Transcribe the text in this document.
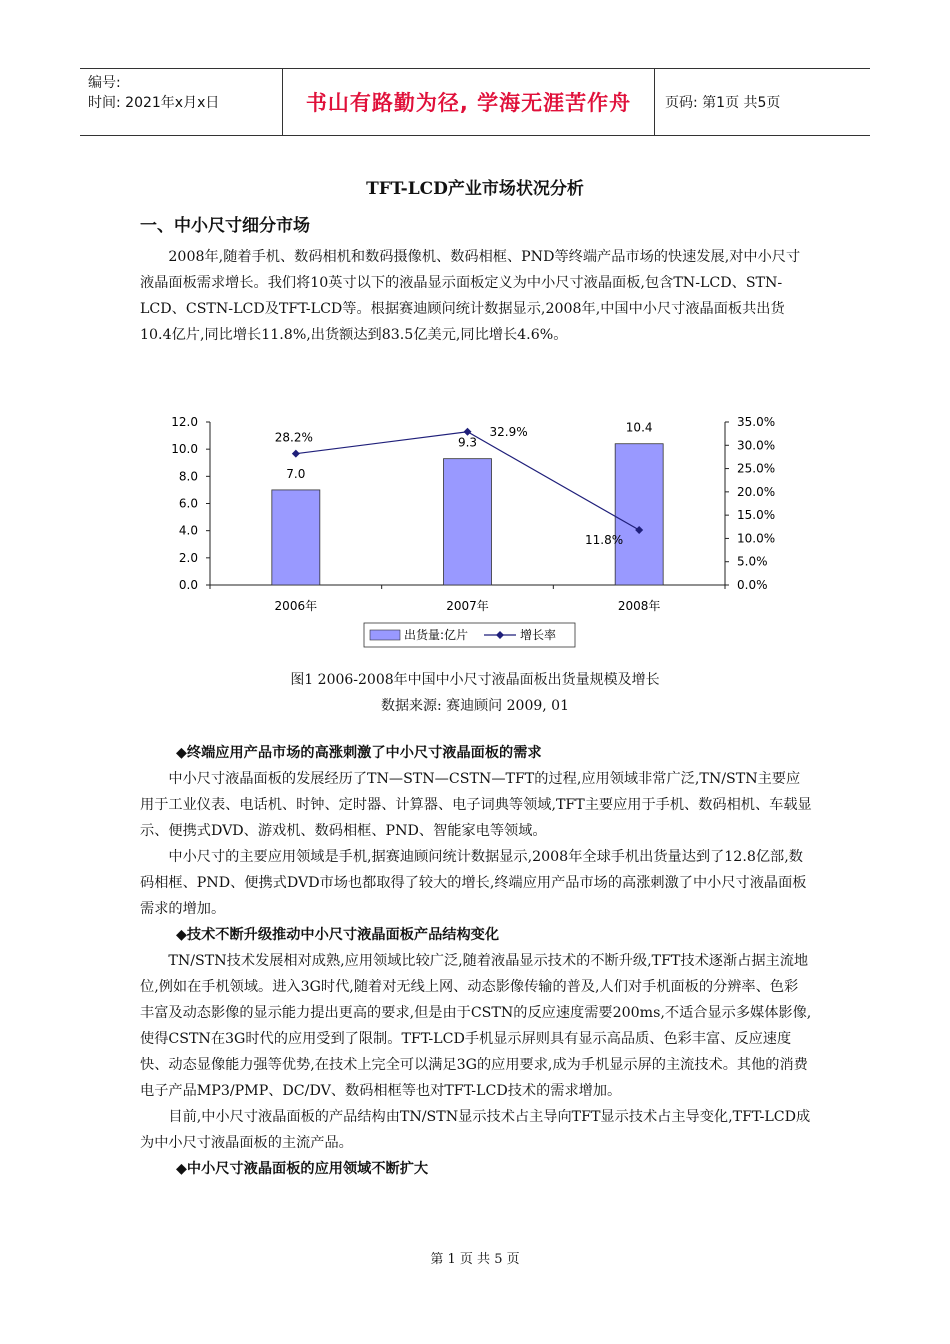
编号:
时间: 2021年x月x日	书山有路勤为径, 学海无涯苦作舟	页码: 第1页 共5页
TFT-LCD产业市场状况分析
一、中小尺寸细分市场

2008年,随着手机、数码相机和数码摄像机、数码相框、PND等终端产品市场的快速发展,对中小尺寸液晶面板需求增长。我们将10英寸以下的液晶显示面板定义为中小尺寸液晶面板,包含TN-LCD、STN-LCD、CSTN-LCD及TFT-LCD等。根据赛迪顾问统计数据显示,2008年,中国中小尺寸液晶面板共出货10.4亿片,同比增长11.8%,出货额达到83.5亿美元,同比增长4.6%。

0.0
2.0
4.0
6.0
8.0
10.0
12.0
0.0%
5.0%
10.0%
15.0%
20.0%
25.0%
30.0%
35.0%
2006年	2007年	2008年
7.0
9.3
10.4
28.2%	32.9%
11.8%
出货量:亿片	增长率
图1 2006-2008年中国中小尺寸液晶面板出货量规模及增长
数据来源: 赛迪顾问 2009, 01
◆终端应用产品市场的高涨刺激了中小尺寸液晶面板的需求

中小尺寸液晶面板的发展经历了TN—STN—CSTN—TFT的过程,应用领域非常广泛,TN/STN主要应用于工业仪表、电话机、时钟、定时器、计算器、电子词典等领域,TFT主要应用于手机、数码相机、车载显示、便携式DVD、游戏机、数码相框、PND、智能家电等领域。

中小尺寸的主要应用领域是手机,据赛迪顾问统计数据显示,2008年全球手机出货量达到了12.8亿部,数码相框、PND、便携式DVD市场也都取得了较大的增长,终端应用产品市场的高涨刺激了中小尺寸液晶面板需求的增加。

◆技术不断升级推动中小尺寸液晶面板产品结构变化

TN/STN技术发展相对成熟,应用领域比较广泛,随着液晶显示技术的不断升级,TFT技术逐渐占据主流地位,例如在手机领域。进入3G时代,随着对无线上网、动态影像传输的普及,人们对手机面板的分辨率、色彩丰富及动态影像的显示能力提出更高的要求,但是由于CSTN的反应速度需要200ms,不适合显示多媒体影像,使得CSTN在3G时代的应用受到了限制。TFT-LCD手机显示屏则具有显示高品质、色彩丰富、反应速度快、动态显像能力强等优势,在技术上完全可以满足3G的应用要求,成为手机显示屏的主流技术。其他的消费电子产品MP3/PMP、DC/DV、数码相框等也对TFT-LCD技术的需求增加。

目前,中小尺寸液晶面板的产品结构由TN/STN显示技术占主导向TFT显示技术占主导变化,TFT-LCD成为中小尺寸液晶面板的主流产品。

◆中小尺寸液晶面板的应用领域不断扩大
第 1 页 共 5 页
